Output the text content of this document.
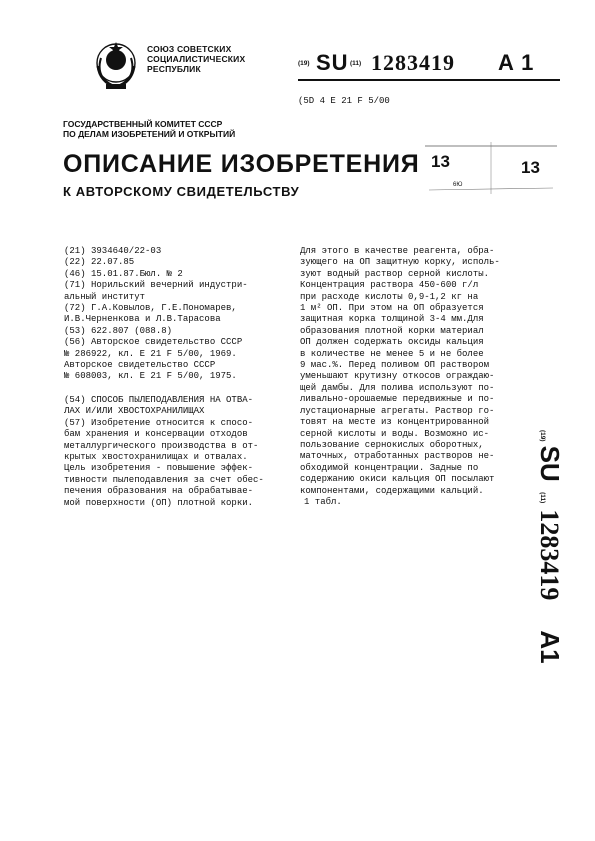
СОЮЗ СОВЕТСКИХ
СОЦИАЛИСТИЧЕСКИХ
РЕСПУБЛИК
(19) SU (11) 1283419 A 1
(5D 4 E 21 F 5/00
ГОСУДАРСТВЕННЫЙ КОМИТЕТ СССР
ПО ДЕЛАМ ИЗОБРЕТЕНИЙ И ОТКРЫТИЙ
ОПИСАНИЕ ИЗОБРЕТЕНИЯ
К АВТОРСКОМУ СВИДЕТЕЛЬСТВУ
13	13
6Ю
(21) 3934640/22-03
(22) 22.07.85
(46) 15.01.87.Бюл. № 2
(71) Норильский вечерний индустри-
альный институт
(72) Г.А.Ковылов, Г.Е.Пономарев,
И.В.Черненкова и Л.В.Тарасова
(53) 622.807 (088.8)
(56) Авторское свидетельство СССР
№ 286922, кл. E 21 F 5/00, 1969.
Авторское свидетельство СССР
№ 608003, кл. E 21 F 5/00, 1975.
(54) СПОСОБ ПЫЛЕПОДАВЛЕНИЯ НА ОТВА-
ЛАХ И/ИЛИ ХВОСТОХРАНИЛИЩАХ
(57) Изобретение относится к спосо-
бам хранения и консервации отходов
металлургического производства в от-
крытых хвостохранилищах и отвалах.
Цель изобретения - повышение эффек-
тивности пылеподавления за счет обес-
печения образования на обрабатывае-
мой поверхности (ОП) плотной корки.
Для этого в качестве реагента, обра-
зующего на ОП защитную корку, исполь-
зуют водный раствор серной кислоты.
Концентрация раствора 450-600 г/л
при расходе кислоты 0,9-1,2 кг на
1 м² ОП. При этом на ОП образуется
защитная корка толщиной 3-4 мм.Для
образования плотной корки материал
ОП должен содержать оксиды кальция
в количестве не менее 5 и не более
9 мас.%. Перед поливом ОП раствором
уменьшают крутизну откосов ограждаю-
щей дамбы. Для полива используют по-
ливально-орошаемые передвижные и по-
лустационарные агрегаты. Раствор го-
товят на месте из концентрированной
серной кислоты и воды. Возможно ис-
пользование сернокислых оборотных,
маточных, отработанных растворов не-
обходимой концентрации. Задные по
содержанию окиси кальция ОП посылают
компонентами, содержащими кальций.
1 табл.
(19)SU (11)1283419A1
